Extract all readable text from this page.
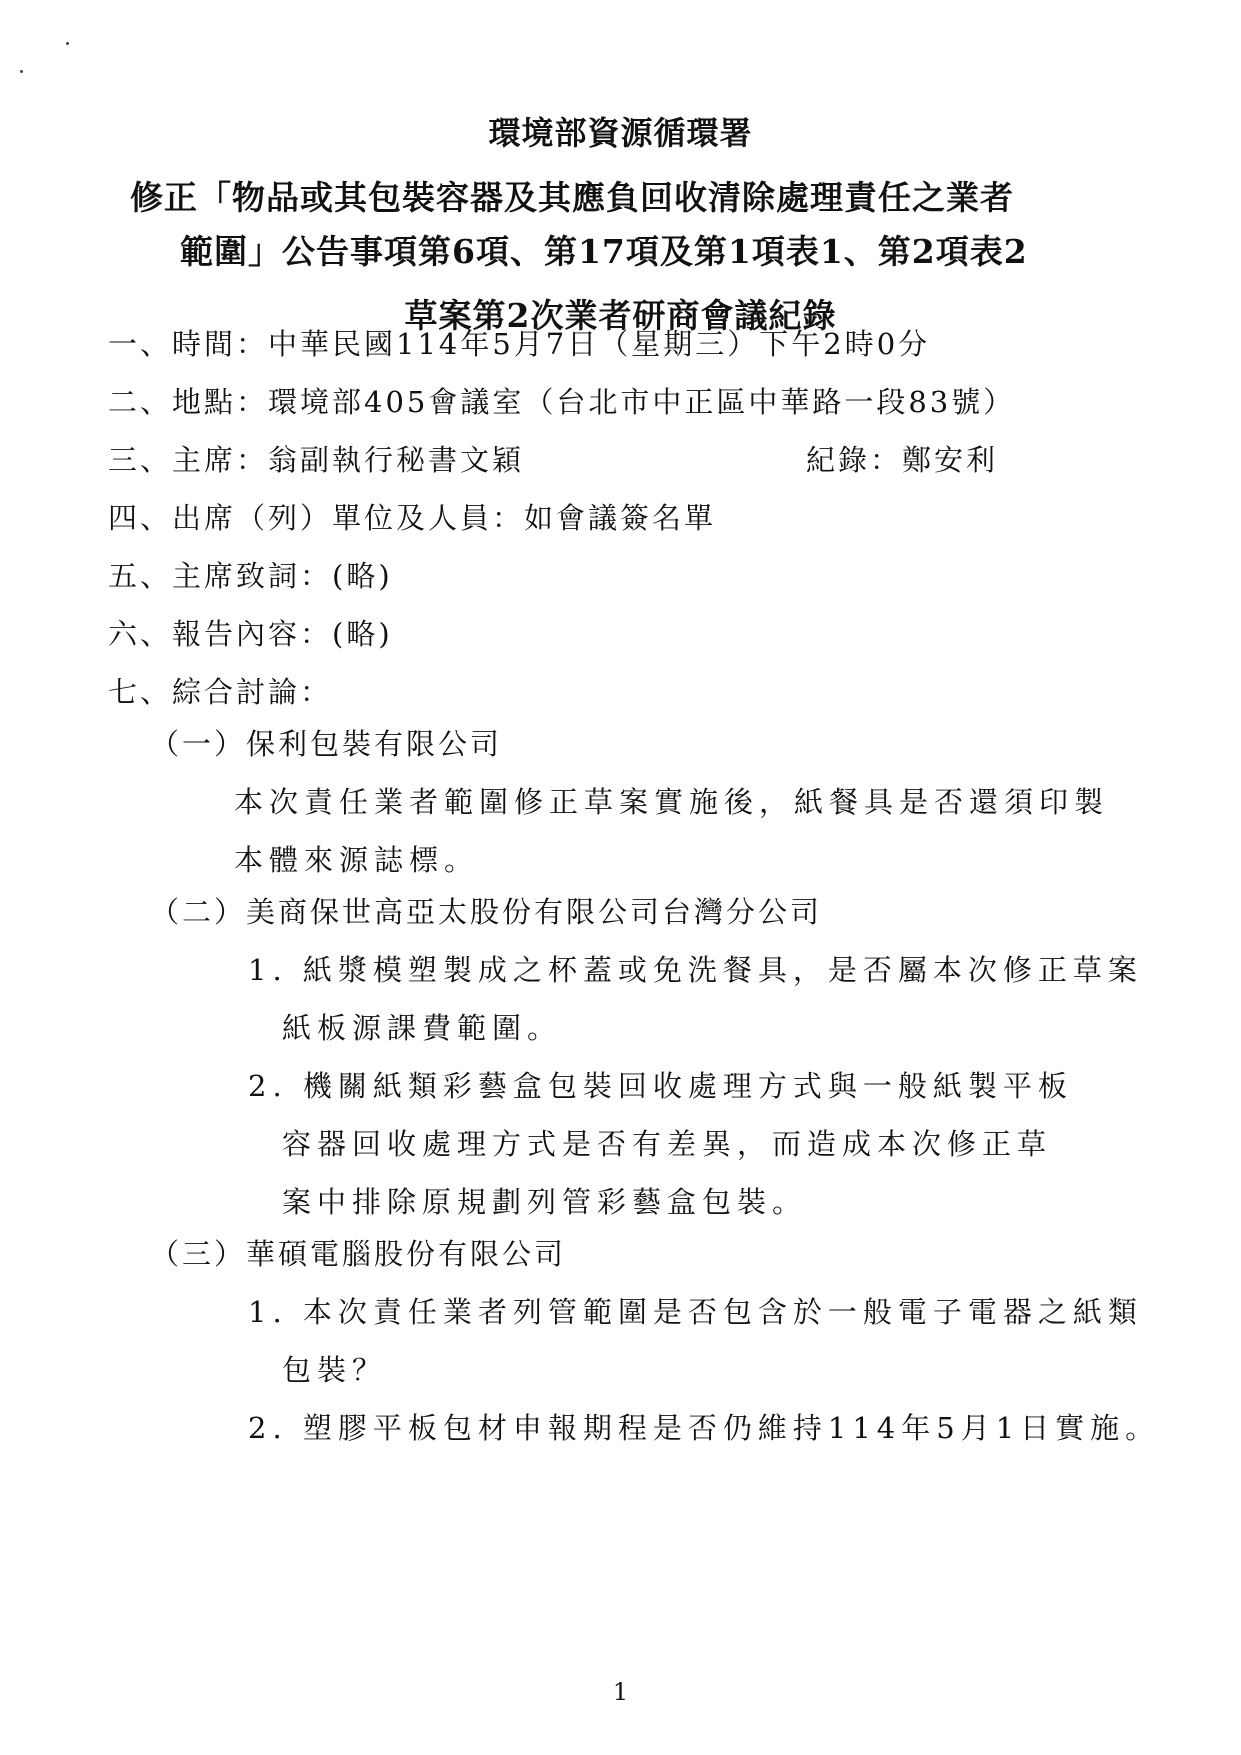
環境部資源循環署

修正「物品或其包裝容器及其應負回收清除處理責任之業者

範圍」公告事項第6項、第17項及第1項表1、第2項表2

草案第2次業者研商會議紀錄

一、時間：中華民國114年5月7日（星期三）下午2時0分

二、地點：環境部405會議室（台北市中正區中華路一段83號）

三、主席：翁副執行秘書文穎	紀錄：鄭安利

四、出席（列）單位及人員：如會議簽名單

五、主席致詞：(略)

六、報告內容：(略)

七、綜合討論：

（一）保利包裝有限公司

本次責任業者範圍修正草案實施後，紙餐具是否還須印製

本體來源誌標。

（二）美商保世高亞太股份有限公司台灣分公司

1. 紙漿模塑製成之杯蓋或免洗餐具，是否屬本次修正草案

紙板源課費範圍。

2. 機關紙類彩藝盒包裝回收處理方式與一般紙製平板

容器回收處理方式是否有差異，而造成本次修正草

案中排除原規劃列管彩藝盒包裝。

（三）華碩電腦股份有限公司

1. 本次責任業者列管範圍是否包含於一般電子電器之紙類

包裝？

2. 塑膠平板包材申報期程是否仍維持114年5月1日實施。

1
